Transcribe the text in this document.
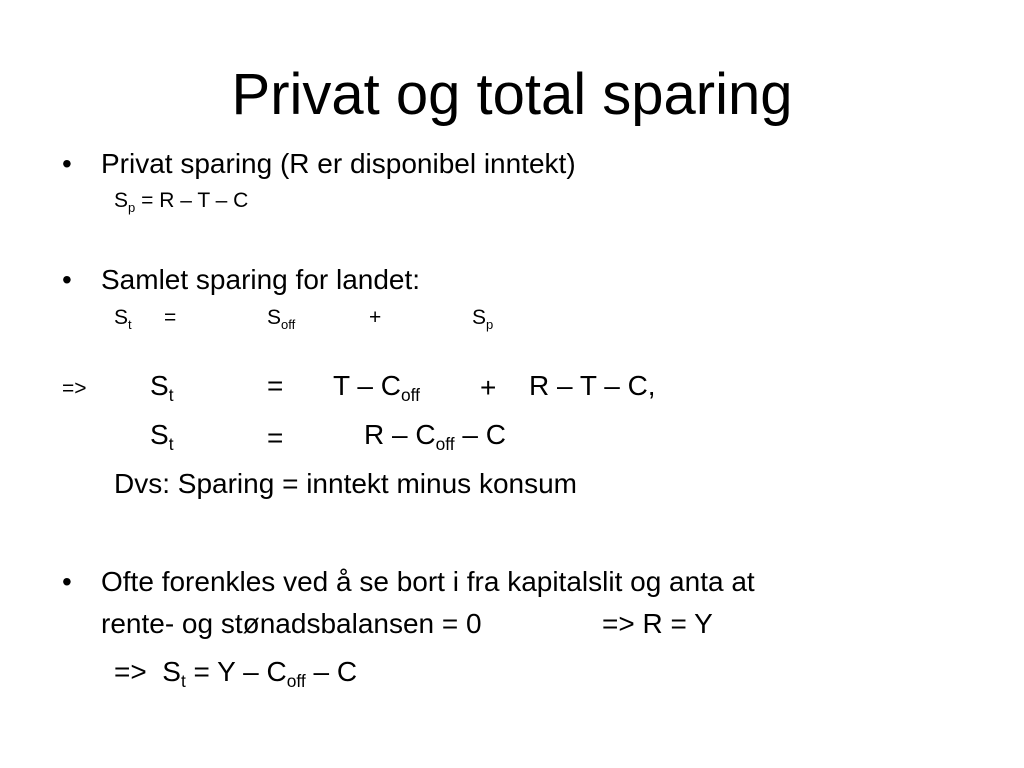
Privat og total sparing
• Privat sparing (R er disponibel inntekt)
$S_p = R - T - C$
• Samlet sparing for landet:
$S_t$ =	$S_{off}$	+	$S_p$
=> $S_t$	= $T - C_{off} + R - T - C$,
$S_t$	=	R – $C_{off}$ – C
Dvs: Sparing = inntekt minus konsum
• Ofte forenkles ved å se bort i fra kapitalslit og anta at
rente- og stønadsbalansen = 0	=> R = Y
=> $S_t = Y - C_{off} - C$
